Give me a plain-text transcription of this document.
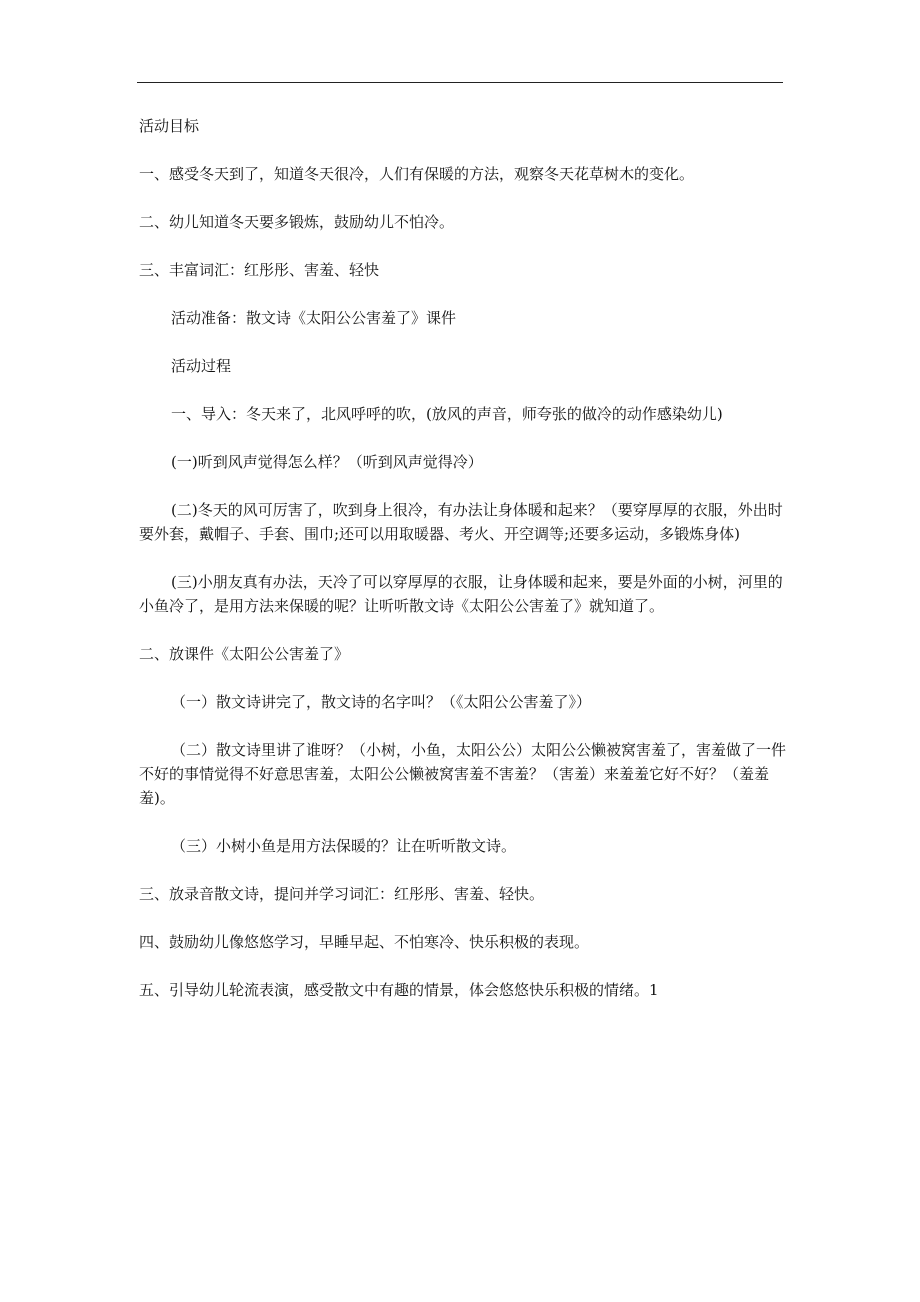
活动目标

一、感受冬天到了，知道冬天很冷，人们有保暖的方法，观察冬天花草树木的变化。

二、幼儿知道冬天要多锻炼，鼓励幼儿不怕冷。

三、丰富词汇：红彤彤、害羞、轻快

活动准备：散文诗《太阳公公害羞了》课件

活动过程

一、导入：冬天来了，北风呼呼的吹，(放风的声音，师夸张的做冷的动作感染幼儿)

(一)听到风声觉得怎么样？（听到风声觉得冷）

(二)冬天的风可厉害了，吹到身上很冷，有办法让身体暖和起来？（要穿厚厚的衣服，外出时要外套，戴帽子、手套、围巾;还可以用取暖器、考火、开空调等;还要多运动，多锻炼身体)

(三)小朋友真有办法，天冷了可以穿厚厚的衣服，让身体暖和起来，要是外面的小树，河里的小鱼冷了，是用方法来保暖的呢？让听听散文诗《太阳公公害羞了》就知道了。

二、放课件《太阳公公害羞了》

（一）散文诗讲完了，散文诗的名字叫？（《太阳公公害羞了》）

（二）散文诗里讲了谁呀？（小树，小鱼，太阳公公）太阳公公懒被窝害羞了，害羞做了一件不好的事情觉得不好意思害羞，太阳公公懒被窝害羞不害羞？（害羞）来羞羞它好不好？（羞羞羞)。

（三）小树小鱼是用方法保暖的？让在听听散文诗。

三、放录音散文诗，提问并学习词汇：红彤彤、害羞、轻快。

四、鼓励幼儿像悠悠学习，早睡早起、不怕寒冷、快乐积极的表现。

五、引导幼儿轮流表演，感受散文中有趣的情景，体会悠悠快乐积极的情绪。1
